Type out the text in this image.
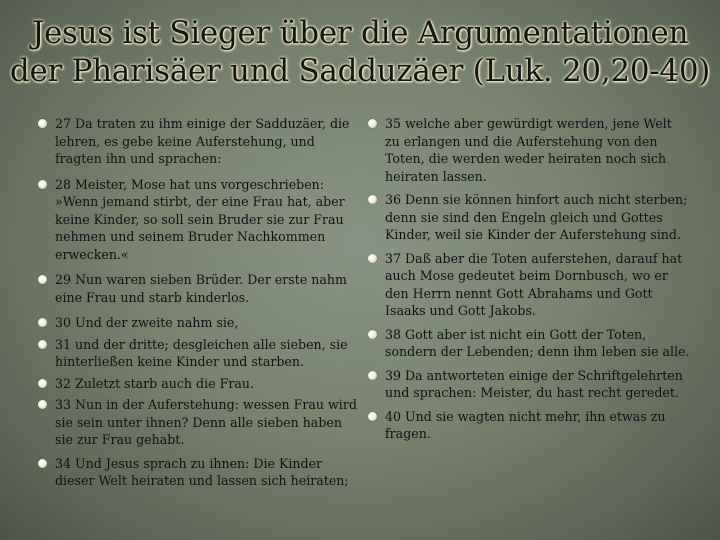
Jesus ist Sieger über die Argumentationen
der Pharisäer und Sadduzäer (Luk. 20,20-40)
27 Da traten zu ihm einige der Sadduzäer, die lehren, es gebe keine Auferstehung, und fragten ihn und sprachen:
28 Meister, Mose hat uns vorgeschrieben: »Wenn jemand stirbt, der eine Frau hat, aber keine Kinder, so soll sein Bruder sie zur Frau nehmen und seinem Bruder Nachkommen erwecken.«
29 Nun waren sieben Brüder. Der erste nahm eine Frau und starb kinderlos.
30 Und der zweite nahm sie,
31 und der dritte; desgleichen alle sieben, sie hinterließen keine Kinder und starben.
32 Zuletzt starb auch die Frau.
33 Nun in der Auferstehung: wessen Frau wird sie sein unter ihnen? Denn alle sieben haben sie zur Frau gehabt.
34 Und Jesus sprach zu ihnen: Die Kinder dieser Welt heiraten und lassen sich heiraten;
35 welche aber gewürdigt werden, jene Welt zu erlangen und die Auferstehung von den Toten, die werden weder heiraten noch sich heiraten lassen.
36 Denn sie können hinfort auch nicht sterben; denn sie sind den Engeln gleich und Gottes Kinder, weil sie Kinder der Auferstehung sind.
37 Daß aber die Toten auferstehen, darauf hat auch Mose gedeutet beim Dornbusch, wo er den Herrn nennt Gott Abrahams und Gott Isaaks und Gott Jakobs.
38 Gott aber ist nicht ein Gott der Toten, sondern der Lebenden; denn ihm leben sie alle.
39 Da antworteten einige der Schriftgelehrten und sprachen: Meister, du hast recht geredet.
40 Und sie wagten nicht mehr, ihn etwas zu fragen.
